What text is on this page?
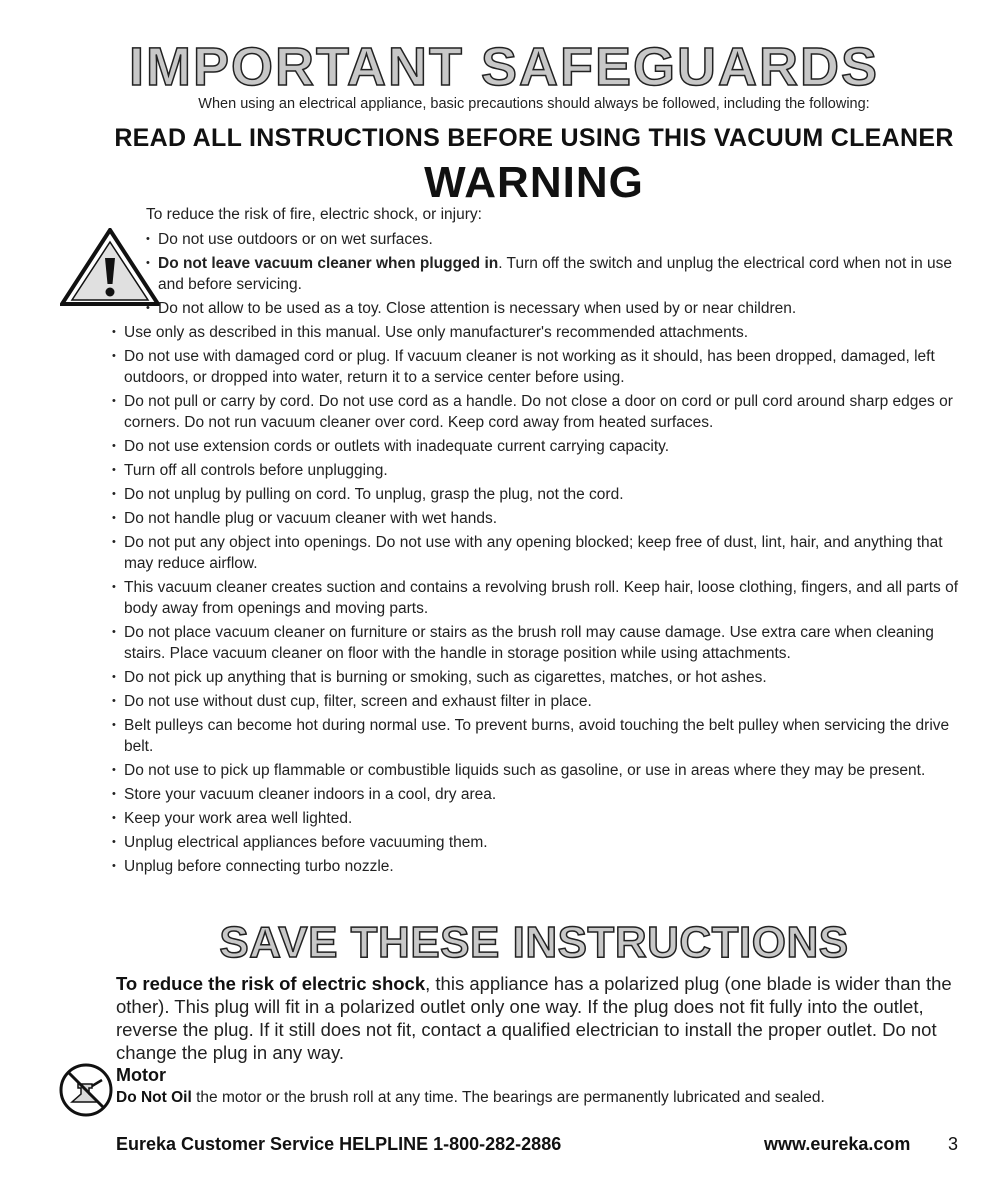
IMPORTANT SAFEGUARDS
When using an electrical appliance, basic precautions should always be followed, including the following:
READ ALL INSTRUCTIONS BEFORE USING THIS VACUUM CLEANER
WARNING
To reduce the risk of fire, electric shock, or injury:
• Do not use outdoors or on wet surfaces.
• Do not leave vacuum cleaner when plugged in. Turn off the switch and unplug the electrical cord when not in use and before servicing.
• Do not allow to be used as a toy. Close attention is necessary when used by or near children.
• Use only as described in this manual. Use only manufacturer's recommended attachments.
• Do not use with damaged cord or plug. If vacuum cleaner is not working as it should, has been dropped, damaged, left outdoors, or dropped into water, return it to a service center before using.
• Do not pull or carry by cord. Do not use cord as a handle. Do not close a door on cord or pull cord around sharp edges or corners. Do not run vacuum cleaner over cord. Keep cord away from heated surfaces.
• Do not use extension cords or outlets with inadequate current carrying capacity.
• Turn off all controls before unplugging.
• Do not unplug by pulling on cord. To unplug, grasp the plug, not the cord.
• Do not handle plug or vacuum cleaner with wet hands.
• Do not put any object into openings. Do not use with any opening blocked; keep free of dust, lint, hair, and anything that may reduce airflow.
• This vacuum cleaner creates suction and contains a revolving brush roll. Keep hair, loose clothing, fingers, and all parts of body away from openings and moving parts.
• Do not place vacuum cleaner on furniture or stairs as the brush roll may cause damage. Use extra care when cleaning stairs. Place vacuum cleaner on floor with the handle in storage position while using attachments.
• Do not pick up anything that is burning or smoking, such as cigarettes, matches, or hot ashes.
• Do not use without dust cup, filter, screen and exhaust filter in place.
• Belt pulleys can become hot during normal use. To prevent burns, avoid touching the belt pulley when servicing the drive belt.
• Do not use to pick up flammable or combustible liquids such as gasoline, or use in areas where they may be present.
• Store your vacuum cleaner indoors in a cool, dry area.
• Keep your work area well lighted.
• Unplug electrical appliances before vacuuming them.
• Unplug before connecting turbo nozzle.
SAVE THESE INSTRUCTIONS
To reduce the risk of electric shock, this appliance has a polarized plug (one blade is wider than the other). This plug will fit in a polarized outlet only one way. If the plug does not fit fully into the outlet, reverse the plug. If it still does not fit, contact a qualified electrician to install the proper outlet. Do not change the plug in any way.
Motor
Do Not Oil the motor or the brush roll at any time. The bearings are permanently lubricated and sealed.
Eureka Customer Service HELPLINE 1-800-282-2886	www.eureka.com 3
